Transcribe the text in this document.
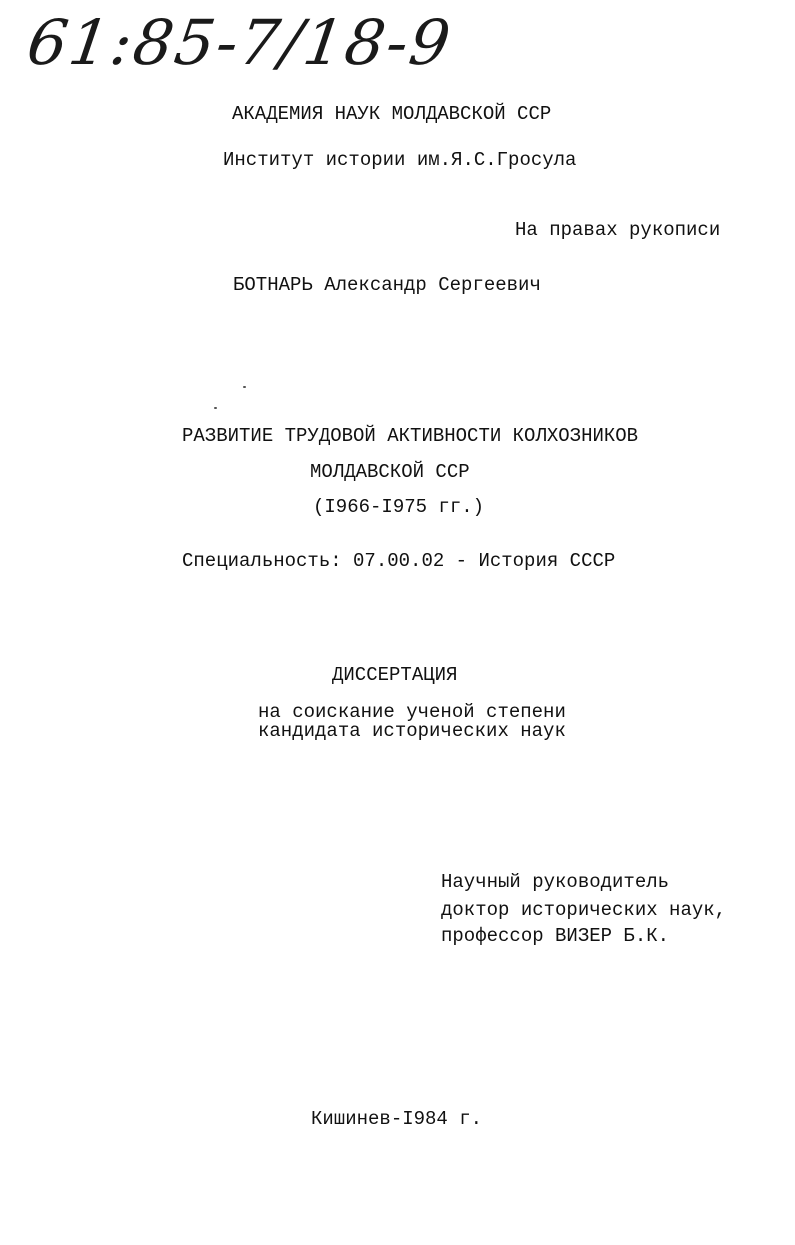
61:85-7/18-9
АКАДЕМИЯ НАУК МОЛДАВСКОЙ ССР
Институт истории им.Я.С.Гросула
На правах рукописи
БОТНАРЬ Александр Сергеевич
РАЗВИТИЕ ТРУДОВОЙ АКТИВНОСТИ КОЛХОЗНИКОВ
МОЛДАВСКОЙ ССР
(I966-I975 гг.)
Специальность: 07.00.02 - История СССР
ДИССЕРТАЦИЯ
на соискание ученой степени
кандидата исторических наук
Научный руководитель
доктор исторических наук,
профессор ВИЗЕР Б.К.
Кишинев-I984 г.
